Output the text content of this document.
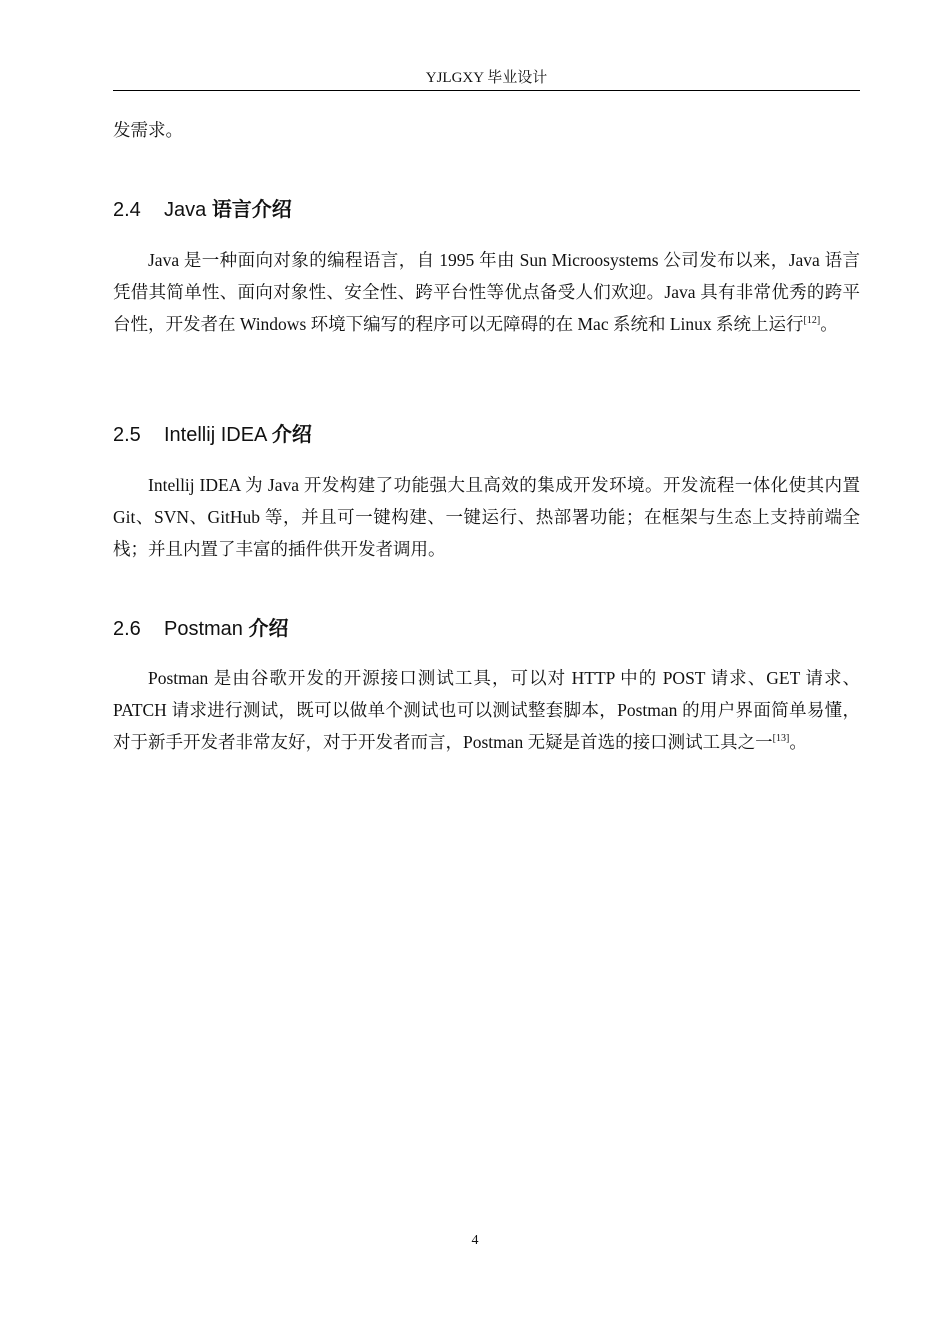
YJLGXY 毕业设计

发需求。

2.4 Java 语言介绍

Java 是一种面向对象的编程语言，自 1995 年由 Sun Microosystems 公司发布以来，Java 语言凭借其简单性、面向对象性、安全性、跨平台性等优点备受人们欢迎。Java 具有非常优秀的跨平台性，开发者在 Windows 环境下编写的程序可以无障碍的在 Mac 系统和 Linux 系统上运行[12]。

2.5 Intellij IDEA 介绍

Intellij IDEA 为 Java 开发构建了功能强大且高效的集成开发环境。开发流程一体化使其内置 Git、SVN、GitHub 等，并且可一键构建、一键运行、热部署功能；在框架与生态上支持前端全栈；并且内置了丰富的插件供开发者调用。

2.6 Postman 介绍

Postman 是由谷歌开发的开源接口测试工具，可以对 HTTP 中的 POST 请求、GET 请求、PATCH 请求进行测试，既可以做单个测试也可以测试整套脚本，Postman 的用户界面简单易懂，对于新手开发者非常友好，对于开发者而言，Postman 无疑是首选的接口测试工具之一[13]。

4
